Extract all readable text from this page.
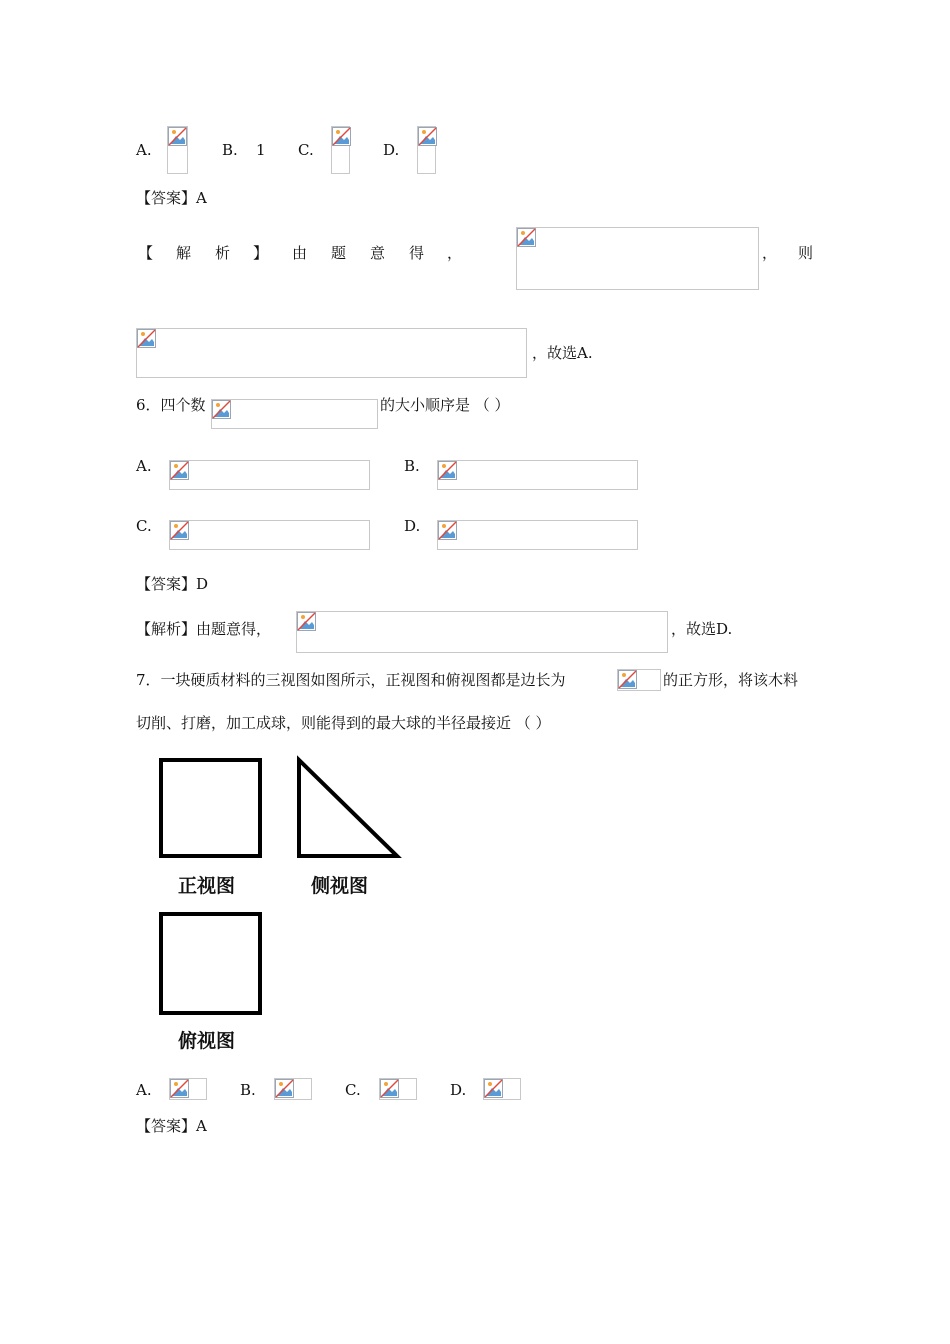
A.	B. 1 C.	D.
【答案】A
【 解 析 】 由 题 意 得 ，	， 则
，故选A.
6．四个数	的大小顺序是 （ ）
A.	B.
C.	D.
【答案】D
【解析】由题意得，	，故选D.
7．一块硬质材料的三视图如图所示，正视图和俯视图都是边长为	的正方形，将该木料
切削、打磨，加工成球，则能得到的最大球的半径最接近 （ ）
正视图	侧视图
俯视图
A.	B.	C.	D.
【答案】A
